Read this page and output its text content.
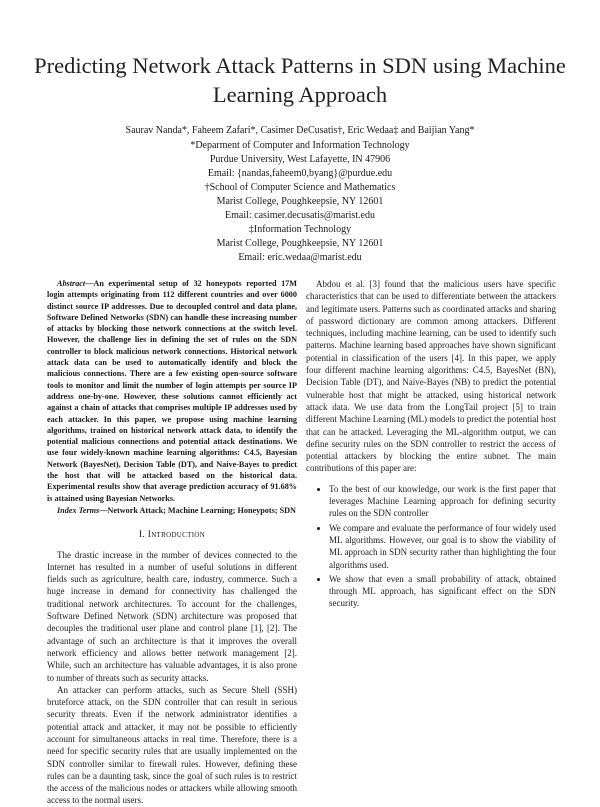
Predicting Network Attack Patterns in SDN using Machine Learning Approach
Saurav Nanda*, Faheem Zafari*, Casimer DeCusatis†, Eric Wedaa‡ and Baijian Yang*
*Deparment of Computer and Information Technology
Purdue University, West Lafayette, IN 47906
Email: {nandas,faheem0,byang}@purdue.edu
†School of Computer Science and Mathematics
Marist College, Poughkeepsie, NY 12601
Email: casimer.decusatis@marist.edu
‡Information Technology
Marist College, Poughkeepsie, NY 12601
Email: eric.wedaa@marist.edu

Abstract—An experimental setup of 32 honeypots reported 17M login attempts originating from 112 different countries and over 6000 distinct source IP addresses. Due to decoupled control and data plane, Software Defined Networks (SDN) can handle these increasing number of attacks by blocking those network connections at the switch level. However, the challenge lies in defining the set of rules on the SDN controller to block malicious network connections. Historical network attack data can be used to automatically identify and block the malicious connections. There are a few existing open-source software tools to monitor and limit the number of login attempts per source IP address one-by-one. However, these solutions cannot efficiently act against a chain of attacks that comprises multiple IP addresses used by each attacker. In this paper, we propose using machine learning algorithms, trained on historical network attack data, to identify the potential malicious connections and potential attack destinations. We use four widely-known machine learning algorithms: C4.5, Bayesian Network (BayesNet), Decision Table (DT), and Naive-Bayes to predict the host that will be attacked based on the historical data. Experimental results show that average prediction accuracy of 91.68% is attained using Bayesian Networks.

Index Terms—Network Attack; Machine Learning; Honeypots; SDN

I. Introduction

The drastic increase in the number of devices connected to the Internet has resulted in a number of useful solutions in different fields such as agriculture, health care, industry, commerce. Such a huge increase in demand for connectivity has challenged the traditional network architectures. To account for the challenges, Software Defined Network (SDN) architecture was proposed that decouples the traditional user plane and control plane [1], [2]. The advantage of such an architecture is that it improves the overall network efficiency and allows better network management [2]. While, such an architecture has valuable advantages, it is also prone to number of threats such as security attacks.

An attacker can perform attacks, such as Secure Shell (SSH) bruteforce attack, on the SDN controller that can result in serious security threats. Even if the network administrator identifies a potential attack and attacker, it may not be possible to efficiently account for simultaneous attacks in real time. Therefore, there is a need for specific security rules that are usually implemented on the SDN controller similar to firewall rules. However, defining these rules can be a daunting task, since the goal of such rules is to restrict the access of the malicious nodes or attackers while allowing smooth access to the normal users.

Abdou et al. [3] found that the malicious users have specific characteristics that can be used to differentiate between the attackers and legitimate users. Patterns such as coordinated attacks and sharing of password dictionary are common among attackers. Different techniques, including machine learning, can be used to identify such patterns. Machine learning based approaches have shown significant potential in classification of the users [4]. In this paper, we apply four different machine learning algorithms: C4.5, BayesNet (BN), Decision Table (DT), and Naive-Bayes (NB) to predict the potential vulnerable host that might be attacked, using historical network attack data. We use data from the LongTail project [5] to train different Machine Learning (ML) models to predict the potential host that can be attacked. Leveraging the ML-algorithm output, we can define security rules on the SDN controller to restrict the access of potential attackers by blocking the entire subnet. The main contributions of this paper are:

• To the best of our knowledge, our work is the first paper that leverages Machine Learning approach for defining security rules on the SDN controller
• We compare and evaluate the performance of four widely used ML algorithms. However, our goal is to show the viability of ML approach in SDN security rather than highlighting the four algorithms used.
• We show that even a small probability of attack, obtained through ML approach, has significant effect on the SDN security.
